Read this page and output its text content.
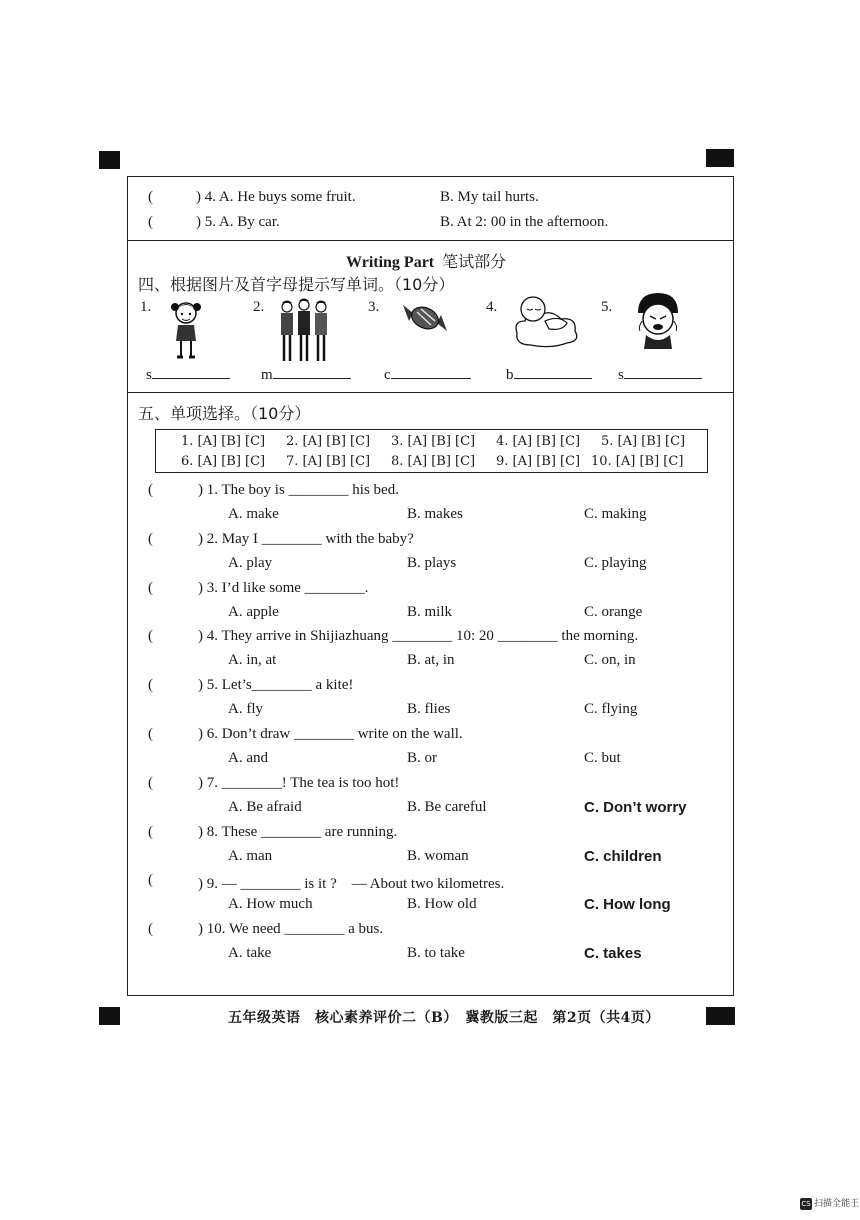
(	) 4. A. He buys some fruit.	B. My tail hurts.
(	) 5. A. By car.	B. At 2: 00 in the afternoon.
Writing Part 笔试部分
四、根据图片及首字母提示写单词。（10分）
1.	2.	3.	4.	5.
s	m	c	b	s
五、单项选择。（10分）
1. [A] [B] [C] 2. [A] [B] [C] 3. [A] [B] [C] 4. [A] [B] [C] 5. [A] [B] [C]
6. [A] [B] [C] 7. [A] [B] [C] 8. [A] [B] [C] 9. [A] [B] [C] 10. [A] [B] [C]
(	) 1. The boy is ________ his bed.
A. make	B. makes	C. making
(	) 2. May I ________ with the baby?
A. play	B. plays	C. playing
(	) 3. I’d like some ________.
A. apple	B. milk	C. orange
(	) 4. They arrive in Shijiazhuang ________ 10: 20 ________ the morning.
A. in, at	B. at, in	C. on, in
(	) 5. Let’s________ a kite!
A. fly	B. flies	C. flying
(	) 6. Don’t draw ________ write on the wall.
A. and	B. or	C. but
(	) 7. ________! The tea is too hot!
A. Be afraid	B. Be careful	C. Don’t worry
(	) 8. These ________ are running.
A. man	B. woman	C. children
(	) 9. — ________ is it ?　— About two kilometres.
A. How much	B. How old	C. How long
(	) 10. We need ________ a bus.
A. take	B. to take	C. takes
五年级英语　核心素养评价二（B）　冀教版三起　第2页（共4页）
CS 扫描全能王
